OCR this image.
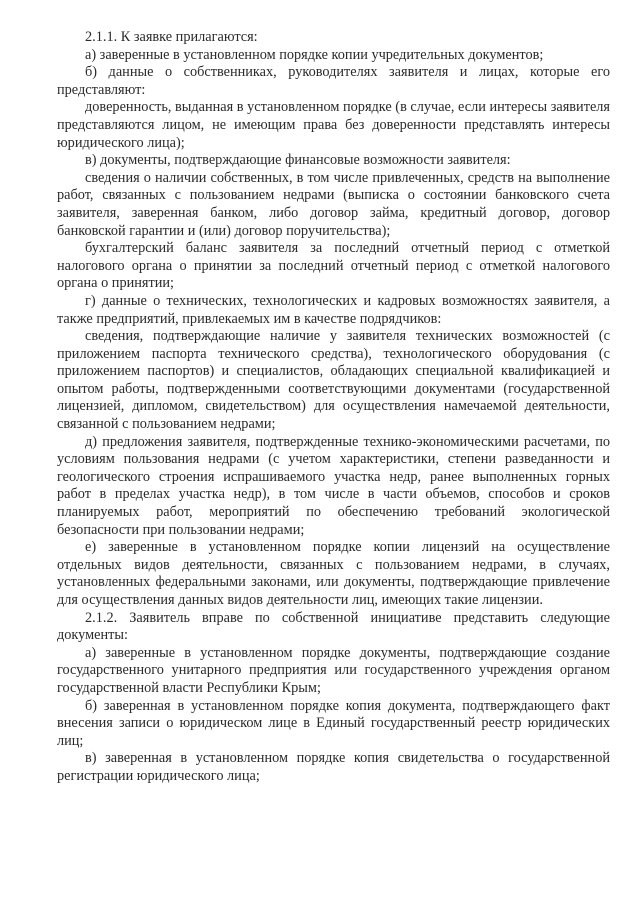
2.1.1. К заявке прилагаются:

а) заверенные в установленном порядке копии учредительных документов;

б) данные о собственниках, руководителях заявителя и лицах, которые его представляют:

доверенность, выданная в установленном порядке (в случае, если интересы заявителя представляются лицом, не имеющим права без доверенности представлять интересы юридического лица);

в) документы, подтверждающие финансовые возможности заявителя:

сведения о наличии собственных, в том числе привлеченных, средств на выполнение работ, связанных с пользованием недрами (выписка о состоянии банковского счета заявителя, заверенная банком, либо договор займа, кредитный договор, договор банковской гарантии и (или) договор поручительства);

бухгалтерский баланс заявителя за последний отчетный период с отметкой налогового органа о принятии за последний отчетный период с отметкой налогового органа о принятии;

г) данные о технических, технологических и кадровых возможностях заявителя, а также предприятий, привлекаемых им в качестве подрядчиков:

сведения, подтверждающие наличие у заявителя технических возможностей (с приложением паспорта технического средства), технологического оборудования (с приложением паспортов) и специалистов, обладающих специальной квалификацией и опытом работы, подтвержденными соответствующими документами (государственной лицензией, дипломом, свидетельством) для осуществления намечаемой деятельности, связанной с пользованием недрами;

д) предложения заявителя, подтвержденные технико-экономическими расчетами, по условиям пользования недрами (с учетом характеристики, степени разведанности и геологического строения испрашиваемого участка недр, ранее выполненных горных работ в пределах участка недр), в том числе в части объемов, способов и сроков планируемых работ, мероприятий по обеспечению требований экологической безопасности при пользовании недрами;

е) заверенные в установленном порядке копии лицензий на осуществление отдельных видов деятельности, связанных с пользованием недрами, в случаях, установленных федеральными законами, или документы, подтверждающие привлечение для осуществления данных видов деятельности лиц, имеющих такие лицензии.

2.1.2. Заявитель вправе по собственной инициативе представить следующие документы:

а) заверенные в установленном порядке документы, подтверждающие создание государственного унитарного предприятия или государственного учреждения органом государственной власти Республики Крым;

б) заверенная в установленном порядке копия документа, подтверждающего факт внесения записи о юридическом лице в Единый государственный реестр юридических лиц;

в) заверенная в установленном порядке копия свидетельства о государственной регистрации юридического лица;
